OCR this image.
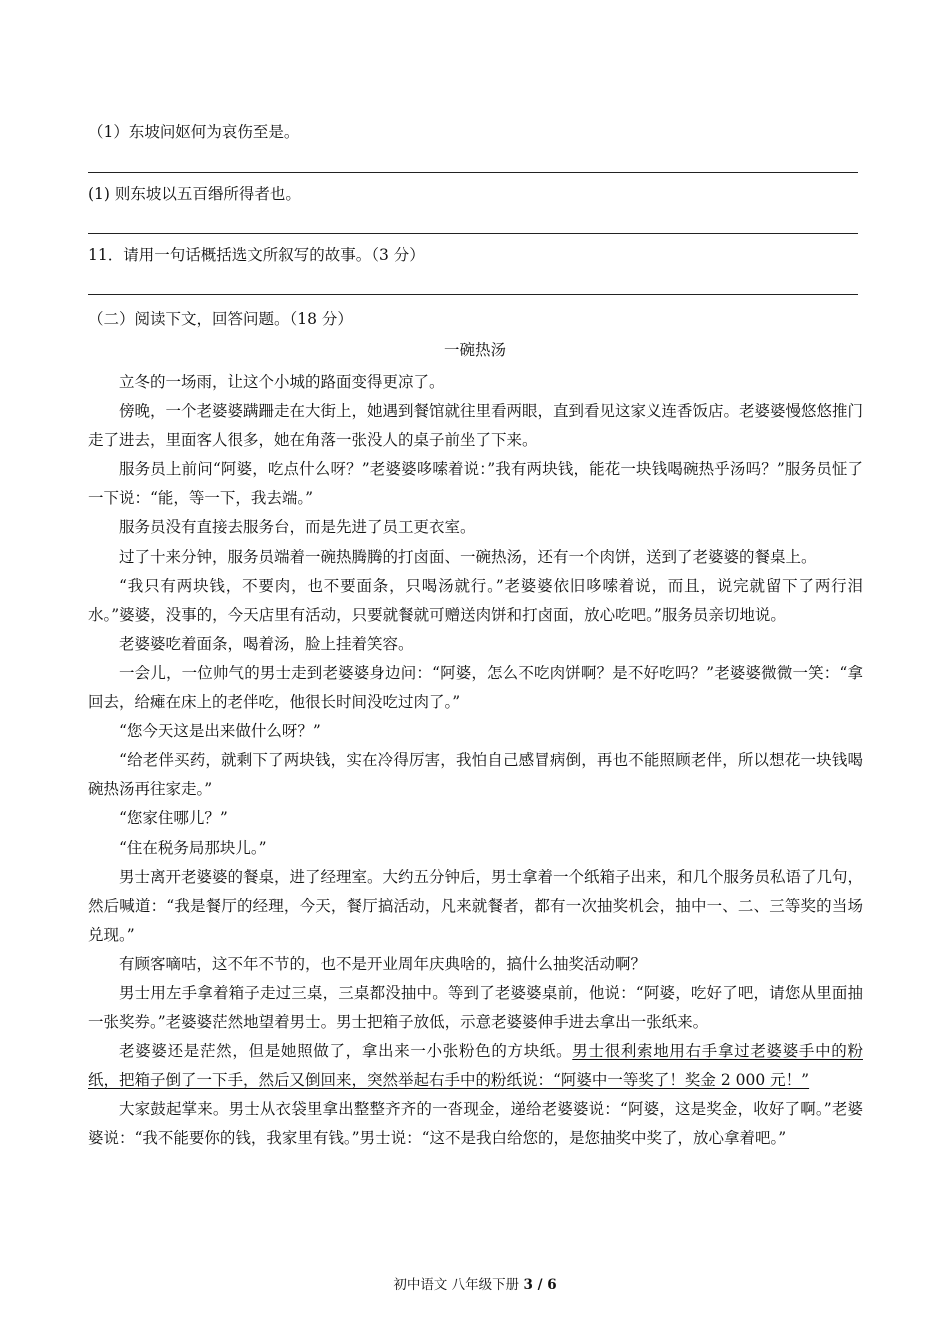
（1）东坡问妪何为哀伤至是。
(1) 则东坡以五百缗所得者也。
11．请用一句话概括选文所叙写的故事。（3 分）
（二）阅读下文，回答问题。（18 分）
一碗热汤

立冬的一场雨，让这个小城的路面变得更凉了。

傍晚，一个老婆婆蹒跚走在大街上，她遇到餐馆就往里看两眼，直到看见这家义连香饭店。老婆婆慢悠悠推门走了进去，里面客人很多，她在角落一张没人的桌子前坐了下来。

服务员上前问“阿婆，吃点什么呀？”老婆婆哆嗦着说：”我有两块钱，能花一块钱喝碗热乎汤吗？”服务员怔了一下说：“能，等一下，我去端。”

服务员没有直接去服务台，而是先进了员工更衣室。

过了十来分钟，服务员端着一碗热腾腾的打卤面、一碗热汤，还有一个肉饼，送到了老婆婆的餐桌上。

“我只有两块钱，不要肉，也不要面条，只喝汤就行。”老婆婆依旧哆嗦着说，而且，说完就留下了两行泪水。”婆婆，没事的，今天店里有活动，只要就餐就可赠送肉饼和打卤面，放心吃吧。”服务员亲切地说。

老婆婆吃着面条，喝着汤，脸上挂着笑容。

一会儿，一位帅气的男士走到老婆婆身边问：“阿婆，怎么不吃肉饼啊？是不好吃吗？”老婆婆微微一笑：“拿回去，给瘫在床上的老伴吃，他很长时间没吃过肉了。”

“您今天这是出来做什么呀？”

“给老伴买药，就剩下了两块钱，实在冷得厉害，我怕自己感冒病倒，再也不能照顾老伴，所以想花一块钱喝碗热汤再往家走。”

“您家住哪儿？”

“住在税务局那块儿。”

男士离开老婆婆的餐桌，进了经理室。大约五分钟后，男士拿着一个纸箱子出来，和几个服务员私语了几句，然后喊道：“我是餐厅的经理，今天，餐厅搞活动，凡来就餐者，都有一次抽奖机会，抽中一、二、三等奖的当场兑现。”

有顾客嘀咕，这不年不节的，也不是开业周年庆典啥的，搞什么抽奖活动啊？

男士用左手拿着箱子走过三桌，三桌都没抽中。等到了老婆婆桌前，他说：“阿婆，吃好了吧，请您从里面抽一张奖券。”老婆婆茫然地望着男士。男士把箱子放低，示意老婆婆伸手进去拿出一张纸来。

老婆婆还是茫然，但是她照做了，拿出来一小张粉色的方块纸。男士很利索地用右手拿过老婆婆手中的粉纸，把箱子倒了一下手，然后又倒回来，突然举起右手中的粉纸说：“阿婆中一等奖了！奖金 2 000 元！”

大家鼓起掌来。男士从衣袋里拿出整整齐齐的一沓现金，递给老婆婆说：“阿婆，这是奖金，收好了啊。”老婆婆说：“我不能要你的钱，我家里有钱。”男士说：“这不是我白给您的，是您抽奖中奖了，放心拿着吧。”

初中语文 八年级下册 3 / 6
